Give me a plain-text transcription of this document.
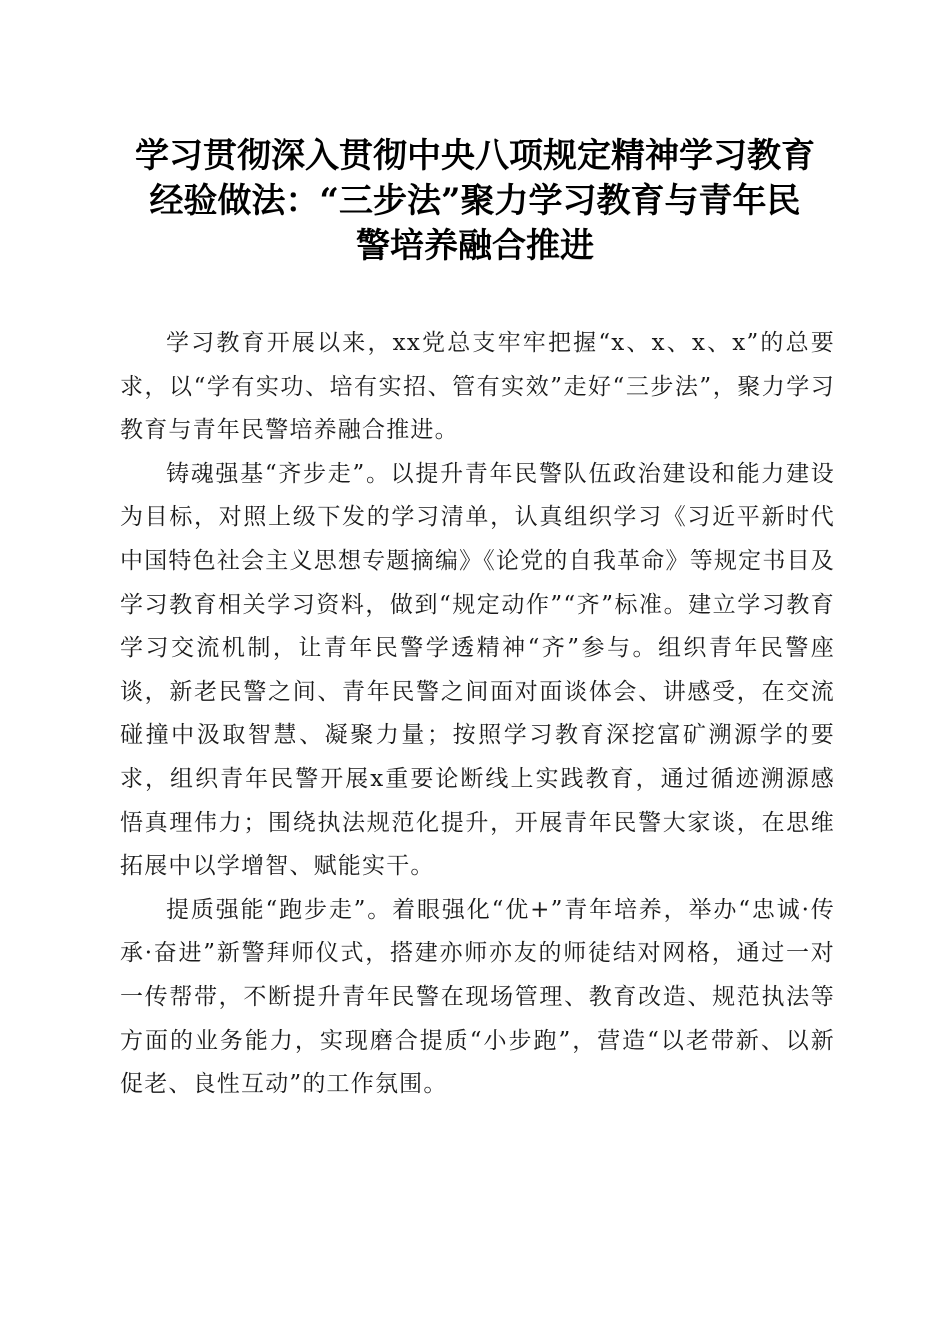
学习贯彻深入贯彻中央八项规定精神学习教育
经验做法：“三步法”聚力学习教育与青年民
警培养融合推进

学习教育开展以来，xx党总支牢牢把握“x、x、x、x”的总要求，以“学有实功、培有实招、管有实效”走好“三步法”，聚力学习教育与青年民警培养融合推进。

铸魂强基“齐步走”。以提升青年民警队伍政治建设和能力建设为目标，对照上级下发的学习清单，认真组织学习《习近平新时代中国特色社会主义思想专题摘编》《论党的自我革命》等规定书目及学习教育相关学习资料，做到“规定动作”“齐”标准。建立学习教育学习交流机制，让青年民警学透精神“齐”参与。组织青年民警座谈，新老民警之间、青年民警之间面对面谈体会、讲感受，在交流碰撞中汲取智慧、凝聚力量；按照学习教育深挖富矿溯源学的要求，组织青年民警开展x重要论断线上实践教育，通过循迹溯源感悟真理伟力；围绕执法规范化提升，开展青年民警大家谈，在思维拓展中以学增智、赋能实干。

提质强能“跑步走”。着眼强化“优+”青年培养，举办“忠诚·传承·奋进”新警拜师仪式，搭建亦师亦友的师徒结对网格，通过一对一传帮带，不断提升青年民警在现场管理、教育改造、规范执法等方面的业务能力，实现磨合提质“小步跑”，营造“以老带新、以新促老、良性互动”的工作氛围。
